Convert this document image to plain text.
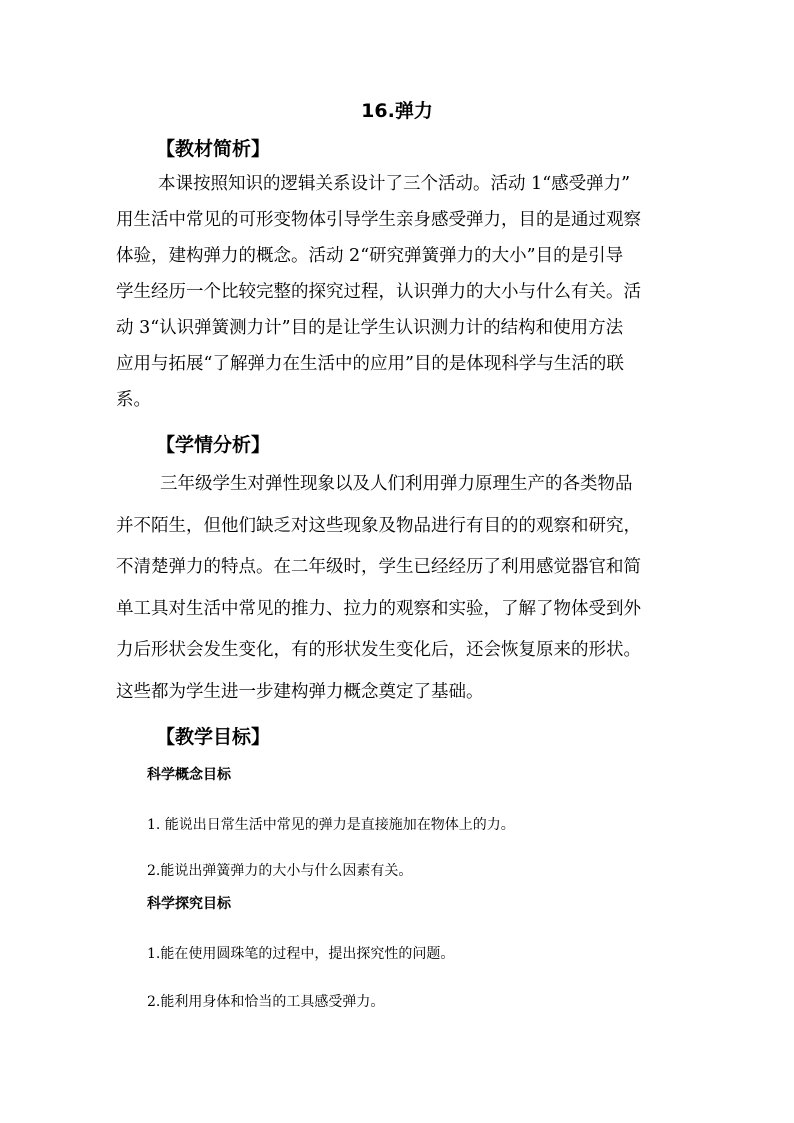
16.弹力
【教材简析】

本课按照知识的逻辑关系设计了三个活动。活动 1“感受弹力”

用生活中常见的可形变物体引导学生亲身感受弹力，目的是通过观察

体验，建构弹力的概念。活动 2“研究弹簧弹力的大小”目的是引导

学生经历一个比较完整的探究过程，认识弹力的大小与什么有关。活

动 3“认识弹簧测力计”目的是让学生认识测力计的结构和使用方法

应用与拓展“了解弹力在生活中的应用”目的是体现科学与生活的联

系。

【学情分析】

三年级学生对弹性现象以及人们利用弹力原理生产的各类物品

并不陌生，但他们缺乏对这些现象及物品进行有目的的观察和研究，

不清楚弹力的特点。在二年级时，学生已经经历了利用感觉器官和简

单工具对生活中常见的推力、拉力的观察和实验，了解了物体受到外

力后形状会发生变化，有的形状发生变化后，还会恢复原来的形状。

这些都为学生进一步建构弹力概念奠定了基础。

【教学目标】
科学概念目标
1. 能说出日常生活中常见的弹力是直接施加在物体上的力。
2.能说出弹簧弹力的大小与什么因素有关。
科学探究目标
1.能在使用圆珠笔的过程中，提出探究性的问题。
2.能利用身体和恰当的工具感受弹力。
